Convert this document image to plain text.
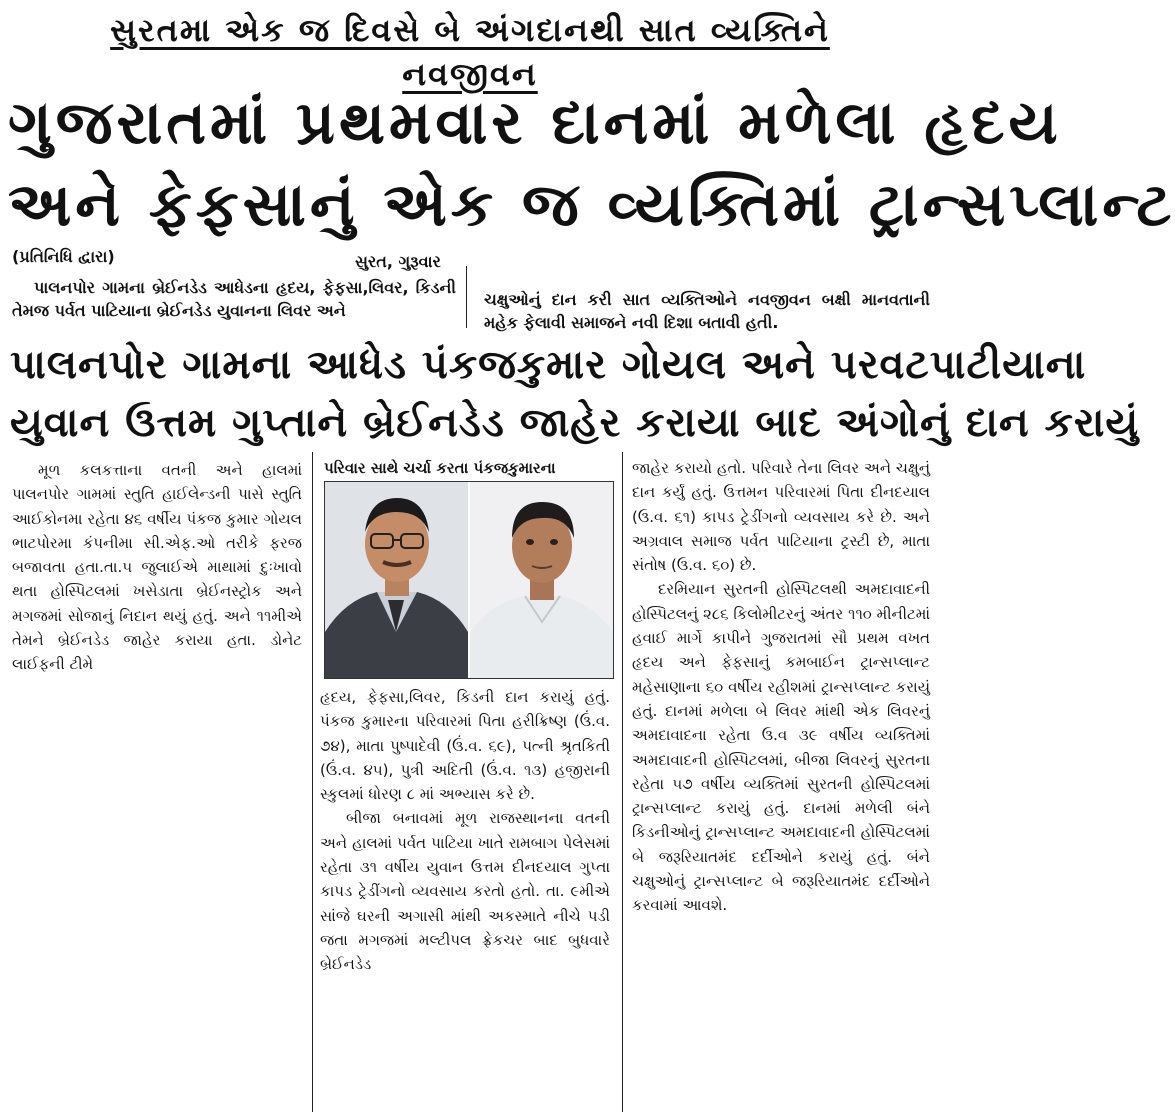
સુરતમા એક જ દિવસે બે અંગદાનથી સાત વ્યક્તિને નવજીવન
ગુજરાતમાં પ્રથમવાર દાનમાં મળેલા હૃદય
અને ફેફસાનું એક જ વ્યક્તિમાં ટ્રાન્સપ્લાન્ટ
(પ્રતિનિધિ દ્વારા)	સુરત, ગુરૂવાર
પાલનપોર ગામના બ્રેઈનડેડ આધેડના હૃદય, ફેફસા,લિવર, કિડની તેમજ પર્વત પાટિયાના બ્રેઈનડેડ યુવાનના લિવર અને
ચક્ષુઓનું દાન કરી સાત વ્યક્તિઓને નવજીવન બક્ષી માનવતાની મહેક ફેલાવી સમાજને નવી દિશા બતાવી હતી.
પાલનપોર ગામના આધેડ પંકજકુમાર ગોયલ અને પરવટપાટીયાના
યુવાન ઉત્તમ ગુપ્તાને બ્રેઈનડેડ જાહેર કરાયા બાદ અંગોનું દાન કરાયું

મૂળ કલકત્તાના વતની અને હાલમાં પાલનપોર ગામમાં સ્તુતિ હાઈલેન્ડની પાસે સ્તુતિ આઈકોનમા રહેતા ૪૬ વર્ષીય પંકજ કુમાર ગોયલ ભાટપોરમા કંપનીમા સી.એફ.ઓ તરીકે ફરજ બજાવતા હતા.તા.૫ જુલાઈએ માથામાં દુઃખાવો થતા હોસ્પિટલમાં ખસેડાતા બ્રેઈનસ્ટ્રોક અને મગજમાં સોજાનું નિદાન થયું હતું. અને ૧૧મીએ તેમને બ્રેઈનડેડ જાહેર કરાયા હતા. ડોનેટ લાઈફની ટીમે

પરિવાર સાથે ચર્ચા કરતા પંકજકુમારના

હૃદય, ફેફસા,લિવર, કિડની દાન કરાયું હતું. પંકજ કુમારના પરિવારમાં પિતા હરીક્રિષ્ણ (ઉં.વ. ૭૪), માતા પુષ્પાદેવી (ઉં.વ. ૬૯), પત્ની શ્રૃતકિતી (ઉં.વ. ૪૫), પુત્રી અદિતી (ઉં.વ. ૧૩) હજીરાની સ્કુલમાં ધોરણ ૮ માં અભ્યાસ કરે છે.

બીજા બનાવમાં મૂળ રાજસ્થાનના વતની અને હાલમાં પર્વત પાટિયા ખાતે રામબાગ પેલેસમાં રહેતા ૩૧ વર્ષીય યુવાન ઉત્તમ દીનદયાલ ગુપ્તા કાપડ ટ્રેડીંગનો વ્યવસાય કરતો હતો. તા. ૯મીએ સાંજે ઘરની અગાસી માંથી અકસ્માતે નીચે પડી જતા મગજમાં મલ્ટીપલ ફ્રેકચર બાદ બુધવારે બ્રેઈનડેડ

જાહેર કરાયો હતો. પરિવારે તેના લિવર અને ચક્ષુનું દાન કર્યું હતું. ઉત્તમન પરિવારમાં પિતા દીનદયાલ (ઉ.વ. ૬૧) કાપડ ટ્રેડીંગનો વ્યવસાય કરે છે. અને અગ્રવાલ સમાજ પર્વત પાટિયાના ટ્રસ્ટી છે, માતા સંતોષ (ઉ.વ. ૬૦) છે.

દરમિયાન સુરતની હોસ્પિટલથી અમદાવાદની હોસ્પિટલનું ૨૮૬ કિલોમીટરનું અંતર ૧૧૦ મીનીટમાં હવાઈ માર્ગે કાપીને ગુજરાતમાં સૌ પ્રથમ વખત હૃદય અને ફેફસાનું કમબાઈન ટ્રાન્સપ્લાન્ટ મહેસાણાના ૬૦ વર્ષીય રહીશમાં ટ્રાન્સપ્લાન્ટ કરાયું હતું. દાનમાં મળેલા બે લિવર માંથી એક લિવરનું અમદાવાદના રહેતા ઉ.વ ૩૯ વર્ષીય વ્યક્તિમાં અમદાવાદની હોસ્પિટલમાં, બીજા લિવરનું સુરતના રહેતા ૫૭ વર્ષીય વ્યક્તિમાં સુરતની હોસ્પિટલમાં ટ્રાન્સપ્લાન્ટ કરાયું હતું. દાનમાં મળેલી બંને કિડનીઓનું ટ્રાન્સપ્લાન્ટ અમદાવાદની હોસ્પિટલમાં બે જરૂરિયાતમંદ દર્દીઓને કરાયું હતું. બંને ચક્ષુઓનું ટ્રાન્સપ્લાન્ટ બે જરૂરિયાતમંદ દર્દીઓને કરવામાં આવશે.
